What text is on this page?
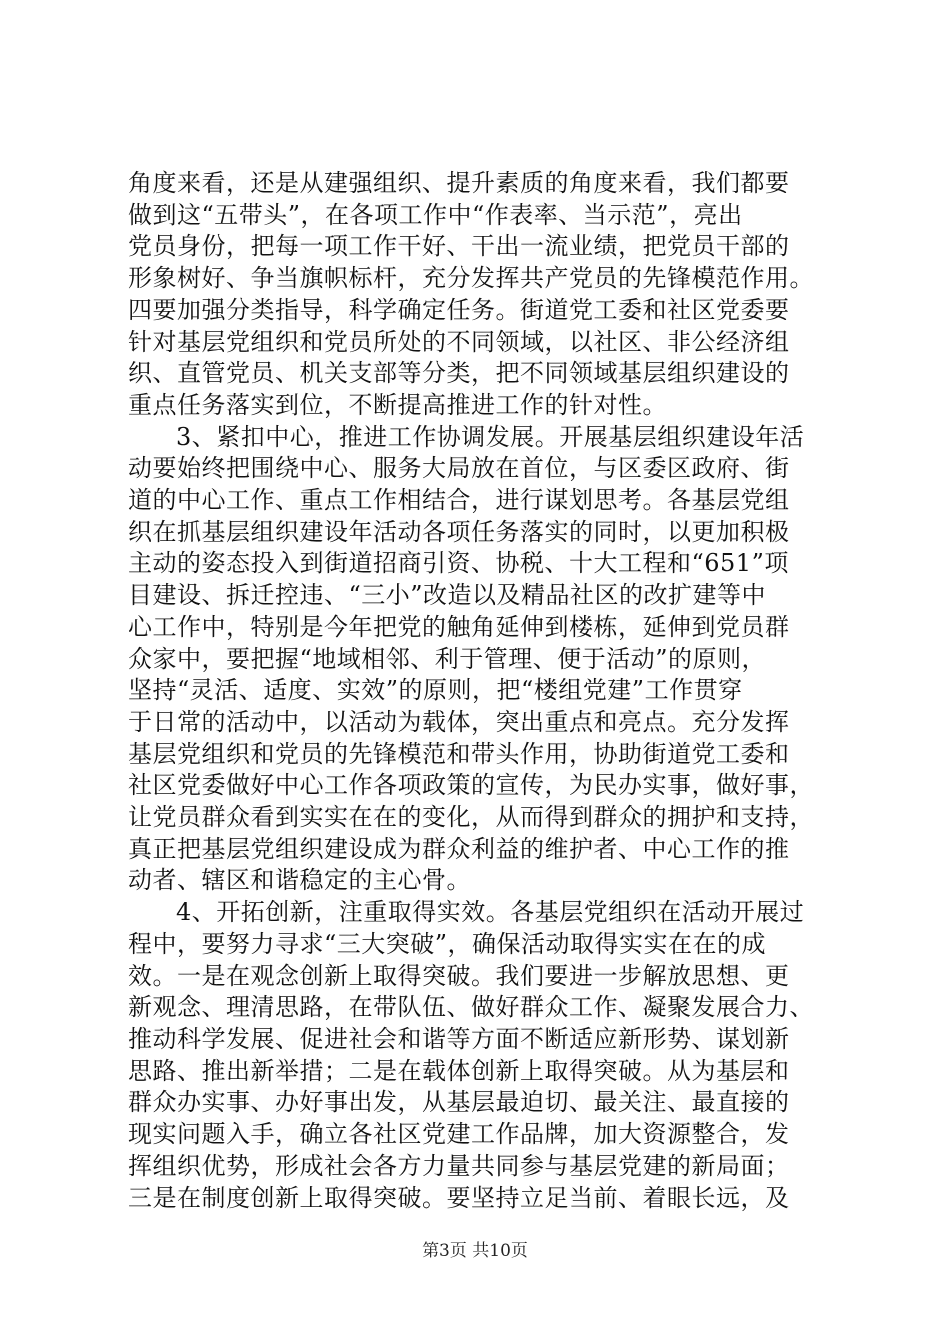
角度来看，还是从建强组织、提升素质的角度来看，我们都要
做到这“五带头”，在各项工作中“作表率、当示范”，亮出
党员身份，把每一项工作干好、干出一流业绩，把党员干部的
形象树好、争当旗帜标杆，充分发挥共产党员的先锋模范作用。
四要加强分类指导，科学确定任务。街道党工委和社区党委要
针对基层党组织和党员所处的不同领域，以社区、非公经济组
织、直管党员、机关支部等分类，把不同领域基层组织建设的
重点任务落实到位，不断提高推进工作的针对性。

3、紧扣中心，推进工作协调发展。开展基层组织建设年活
动要始终把围绕中心、服务大局放在首位，与区委区政府、街
道的中心工作、重点工作相结合，进行谋划思考。各基层党组
织在抓基层组织建设年活动各项任务落实的同时，以更加积极
主动的姿态投入到街道招商引资、协税、十大工程和“651”项
目建设、拆迁控违、“三小”改造以及精品社区的改扩建等中
心工作中，特别是今年把党的触角延伸到楼栋，延伸到党员群
众家中，要把握“地域相邻、利于管理、便于活动”的原则，
坚持“灵活、适度、实效”的原则，把“楼组党建”工作贯穿
于日常的活动中，以活动为载体，突出重点和亮点。充分发挥
基层党组织和党员的先锋模范和带头作用，协助街道党工委和
社区党委做好中心工作各项政策的宣传，为民办实事，做好事，
让党员群众看到实实在在的变化，从而得到群众的拥护和支持，
真正把基层党组织建设成为群众利益的维护者、中心工作的推
动者、辖区和谐稳定的主心骨。

4、开拓创新，注重取得实效。各基层党组织在活动开展过
程中，要努力寻求“三大突破”，确保活动取得实实在在的成
效。一是在观念创新上取得突破。我们要进一步解放思想、更
新观念、理清思路，在带队伍、做好群众工作、凝聚发展合力、
推动科学发展、促进社会和谐等方面不断适应新形势、谋划新
思路、推出新举措；二是在载体创新上取得突破。从为基层和
群众办实事、办好事出发，从基层最迫切、最关注、最直接的
现实问题入手，确立各社区党建工作品牌，加大资源整合，发
挥组织优势，形成社会各方力量共同参与基层党建的新局面；
三是在制度创新上取得突破。要坚持立足当前、着眼长远，及

第3页 共10页
